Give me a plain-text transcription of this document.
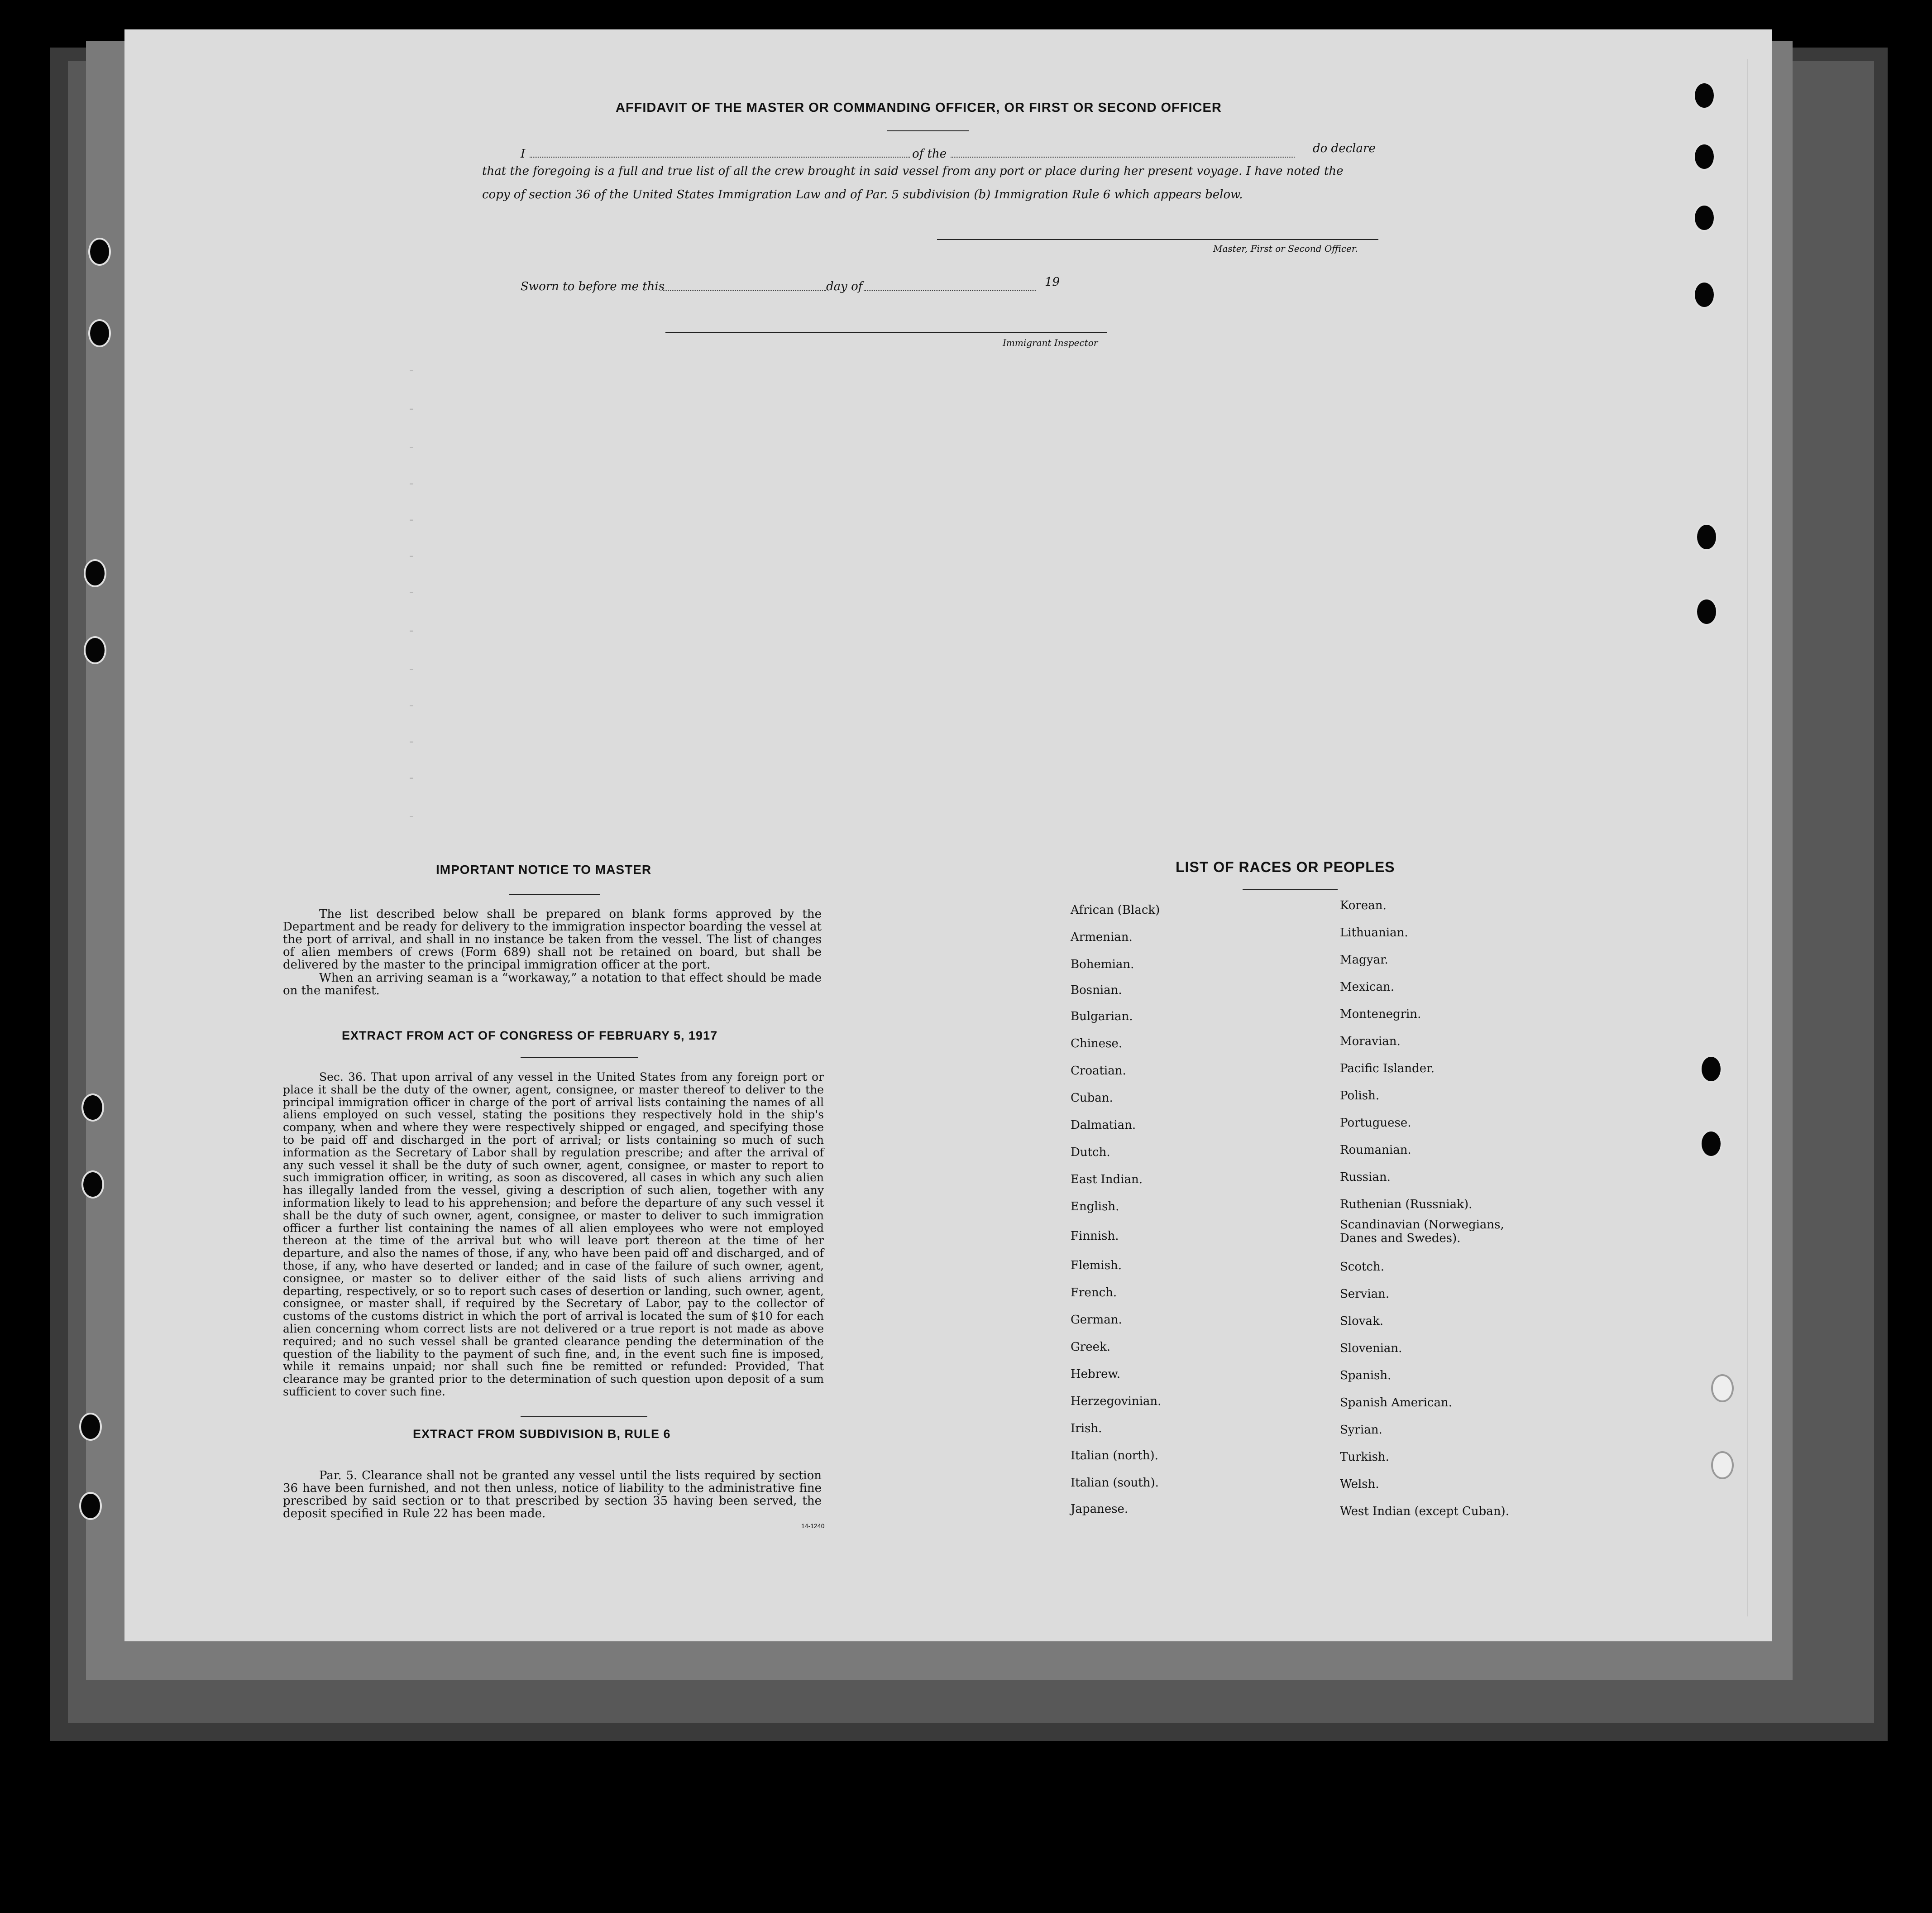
-
-
-
-
-
-
-
-
-
-
-
-
-
AFFIDAVIT OF THE MASTER OR COMMANDING OFFICER, OR FIRST OR SECOND OFFICER
I	of the	do declare
that the foregoing is a full and true list of all the crew brought in said vessel from any port or place during her present voyage. I have noted the
copy of section 36 of the United States Immigration Law and of Par. 5 subdivision (b) Immigration Rule 6 which appears below.
Master, First or Second Officer.
Sworn to before me this	day of	19
Immigrant Inspector
IMPORTANT NOTICE TO MASTER
The list described below shall be prepared on blank forms approved by the Department and be ready for delivery to the immigration inspector boarding the vessel at the port of arrival, and shall in no instance be taken from the vessel. The list of changes of alien members of crews (Form 689) shall not be retained on board, but shall be delivered by the master to the principal immigration officer at the port.
When an arriving seaman is a “workaway,” a notation to that effect should be made on the manifest.
EXTRACT FROM ACT OF CONGRESS OF FEBRUARY 5, 1917
Sec. 36. That upon arrival of any vessel in the United States from any foreign port or place it shall be the duty of the owner, agent, consignee, or master thereof to deliver to the principal immigration officer in charge of the port of arrival lists containing the names of all aliens employed on such vessel, stating the positions they respectively hold in the ship's company, when and where they were respectively shipped or engaged, and specifying those to be paid off and discharged in the port of arrival; or lists containing so much of such information as the Secretary of Labor shall by regulation prescribe; and after the arrival of any such vessel it shall be the duty of such owner, agent, consignee, or master to report to such immigration officer, in writing, as soon as discovered, all cases in which any such alien has illegally landed from the vessel, giving a description of such alien, together with any information likely to lead to his apprehension; and before the departure of any such vessel it shall be the duty of such owner, agent, consignee, or master to deliver to such immigration officer a further list containing the names of all alien employees who were not employed thereon at the time of the arrival but who will leave port thereon at the time of her departure, and also the names of those, if any, who have been paid off and discharged, and of those, if any, who have deserted or landed; and in case of the failure of such owner, agent, consignee, or master so to deliver either of the said lists of such aliens arriving and departing, respectively, or so to report such cases of desertion or landing, such owner, agent, consignee, or master shall, if required by the Secretary of Labor, pay to the collector of customs of the customs district in which the port of arrival is located the sum of $10 for each alien concerning whom correct lists are not delivered or a true report is not made as above required; and no such vessel shall be granted clearance pending the determination of the question of the liability to the payment of such fine, and, in the event such fine is imposed, while it remains unpaid; nor shall such fine be remitted or refunded: Provided, That clearance may be granted prior to the determination of such question upon deposit of a sum sufficient to cover such fine.
EXTRACT FROM SUBDIVISION B, RULE 6
Par. 5. Clearance shall not be granted any vessel until the lists required by section 36 have been furnished, and not then unless, notice of liability to the administrative fine prescribed by said section or to that prescribed by section 35 having been served, the deposit specified in Rule 22 has been made.
14-1240
LIST OF RACES OR PEOPLES
African (Black)
Armenian.
Bohemian.
Bosnian.
Bulgarian.
Chinese.
Croatian.
Cuban.
Dalmatian.
Dutch.
East Indian.
English.
Finnish.
Flemish.
French.
German.
Greek.
Hebrew.
Herzegovinian.
Irish.
Italian (north).
Italian (south).
Japanese.
Korean.
Lithuanian.
Magyar.
Mexican.
Montenegrin.
Moravian.
Pacific Islander.
Polish.
Portuguese.
Roumanian.
Russian.
Ruthenian (Russniak).
Scandinavian (Norwegians, Danes and Swedes).
Scotch.
Servian.
Slovak.
Slovenian.
Spanish.
Spanish American.
Syrian.
Turkish.
Welsh.
West Indian (except Cuban).
